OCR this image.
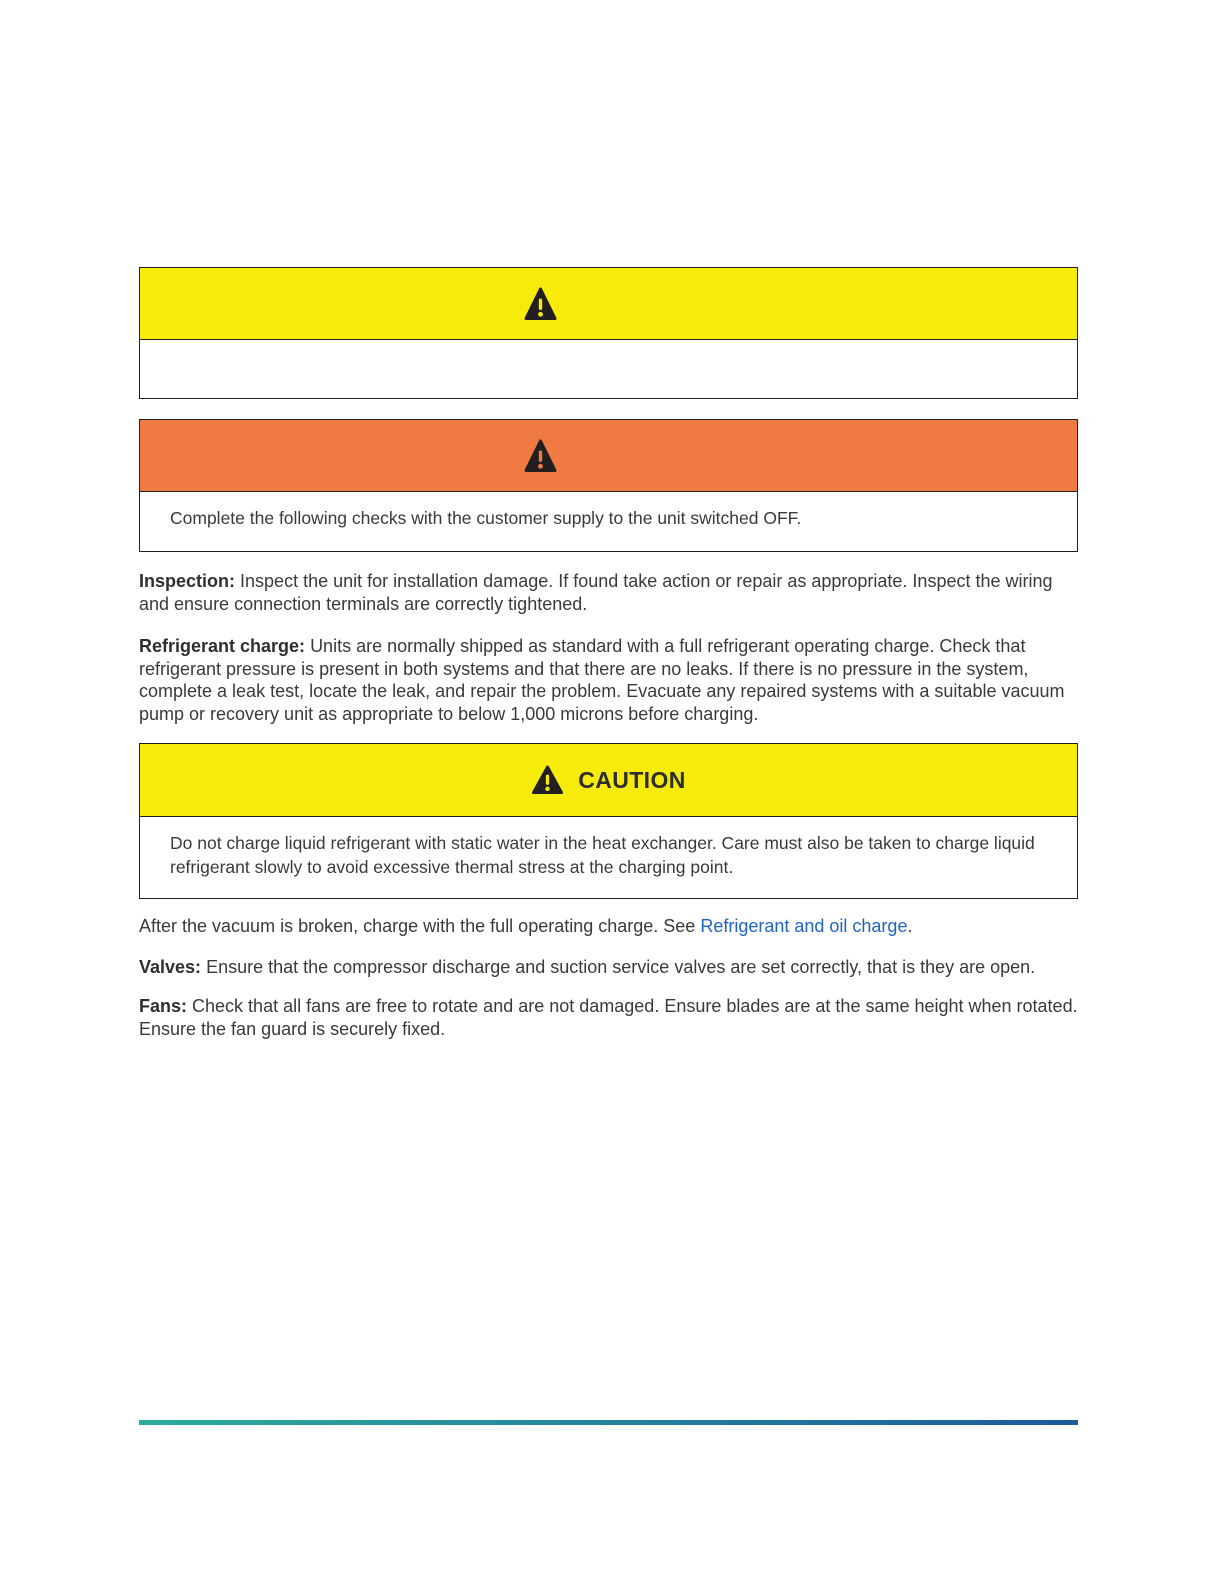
Complete the following checks with the customer supply to the unit switched OFF.

Inspection: Inspect the unit for installation damage. If found take action or repair as appropriate. Inspect the wiring and ensure connection terminals are correctly tightened.

Refrigerant charge: Units are normally shipped as standard with a full refrigerant operating charge. Check that refrigerant pressure is present in both systems and that there are no leaks. If there is no pressure in the system, complete a leak test, locate the leak, and repair the problem. Evacuate any repaired systems with a suitable vacuum pump or recovery unit as appropriate to below 1,000 microns before charging.

CAUTION

Do not charge liquid refrigerant with static water in the heat exchanger. Care must also be taken to charge liquid refrigerant slowly to avoid excessive thermal stress at the charging point.

After the vacuum is broken, charge with the full operating charge. See Refrigerant and oil charge.

Valves: Ensure that the compressor discharge and suction service valves are set correctly, that is they are open.

Fans: Check that all fans are free to rotate and are not damaged. Ensure blades are at the same height when rotated. Ensure the fan guard is securely fixed.
